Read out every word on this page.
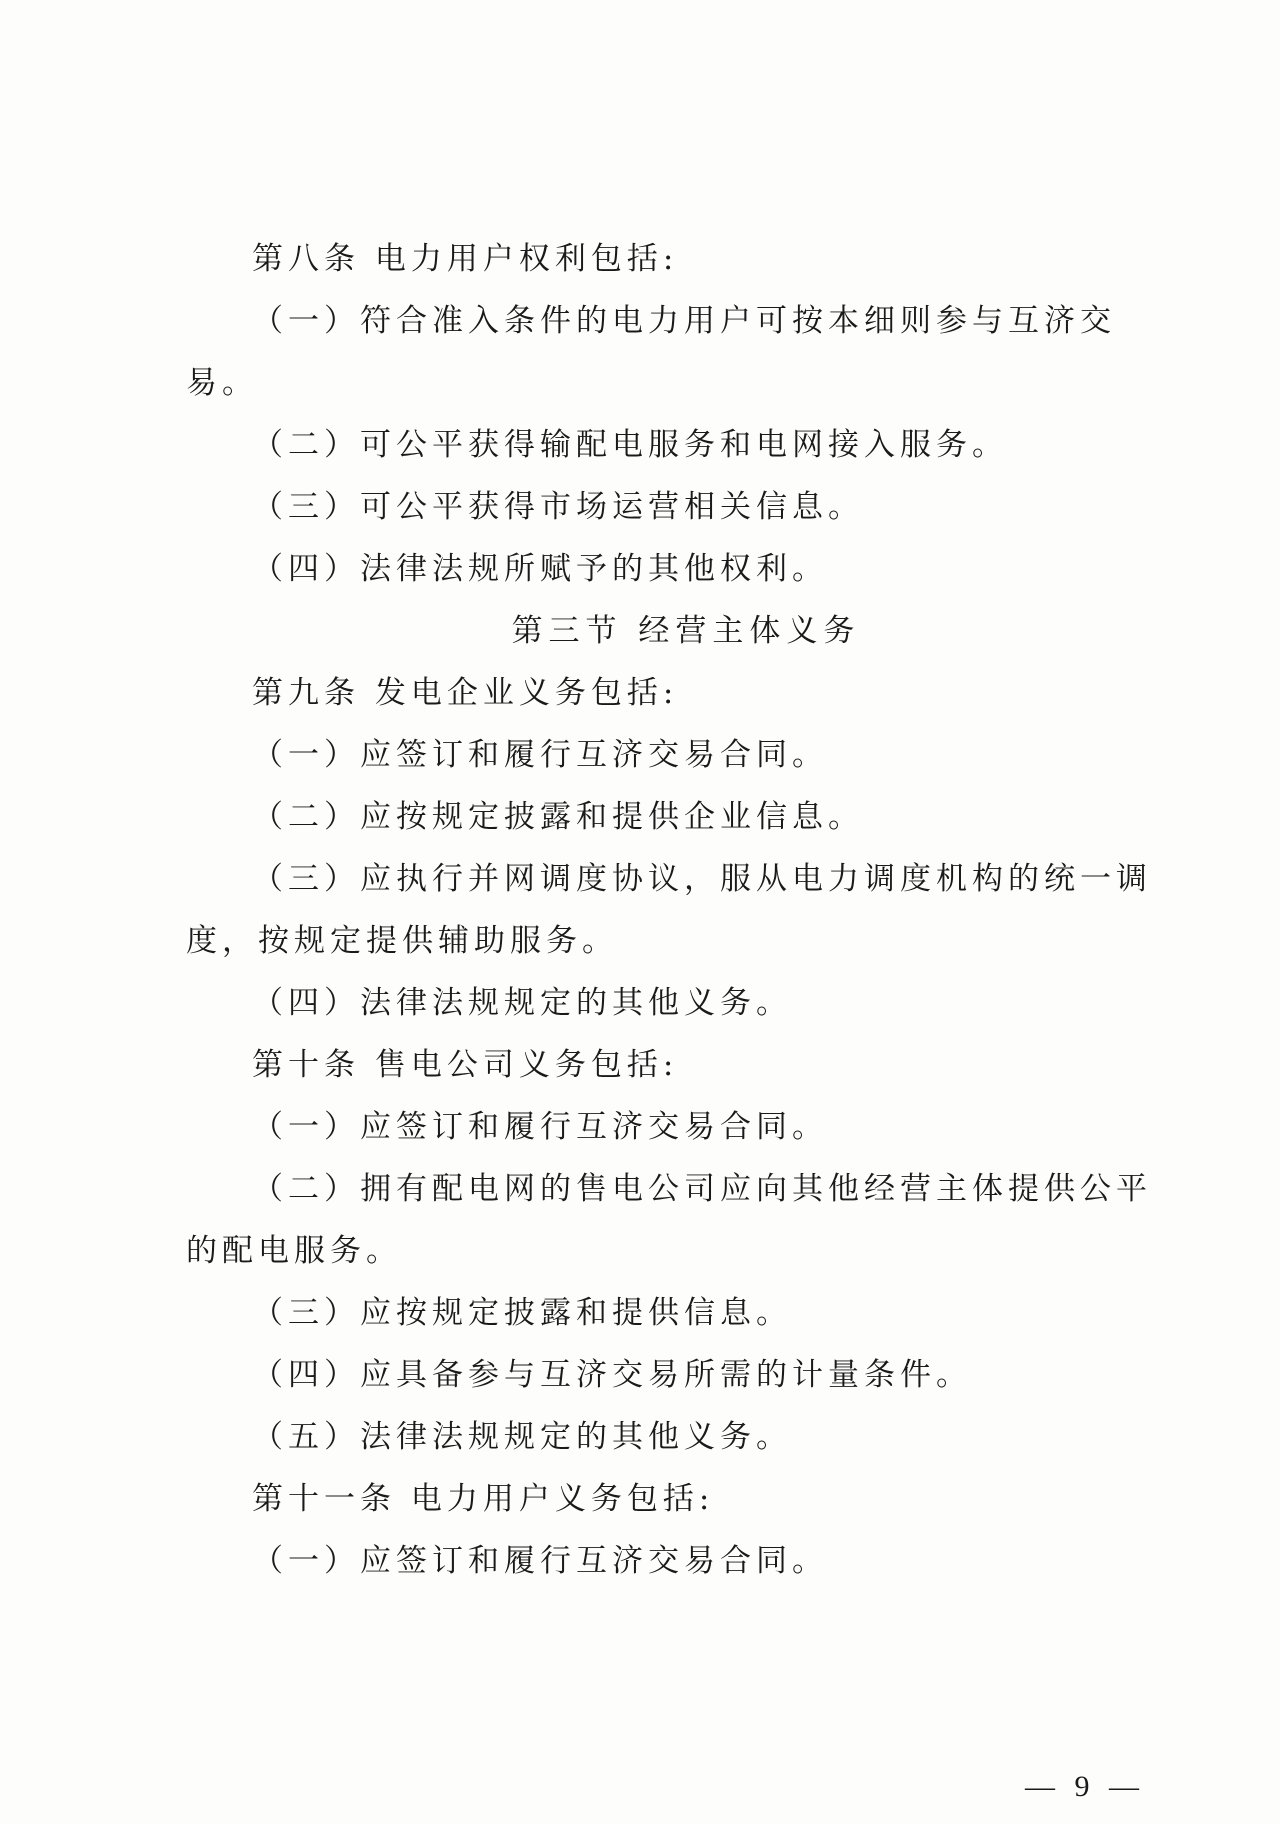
第八条 电力用户权利包括:

（一）符合准入条件的电力用户可按本细则参与互济交

易。

（二）可公平获得输配电服务和电网接入服务。

（三）可公平获得市场运营相关信息。

（四）法律法规所赋予的其他权利。

第三节 经营主体义务

第九条 发电企业义务包括:

（一）应签订和履行互济交易合同。

（二）应按规定披露和提供企业信息。

（三）应执行并网调度协议，服从电力调度机构的统一调

度，按规定提供辅助服务。

（四）法律法规规定的其他义务。

第十条 售电公司义务包括:

（一）应签订和履行互济交易合同。

（二）拥有配电网的售电公司应向其他经营主体提供公平

的配电服务。

（三）应按规定披露和提供信息。

（四）应具备参与互济交易所需的计量条件。

（五）法律法规规定的其他义务。

第十一条 电力用户义务包括:

（一）应签订和履行互济交易合同。

— 9 —
